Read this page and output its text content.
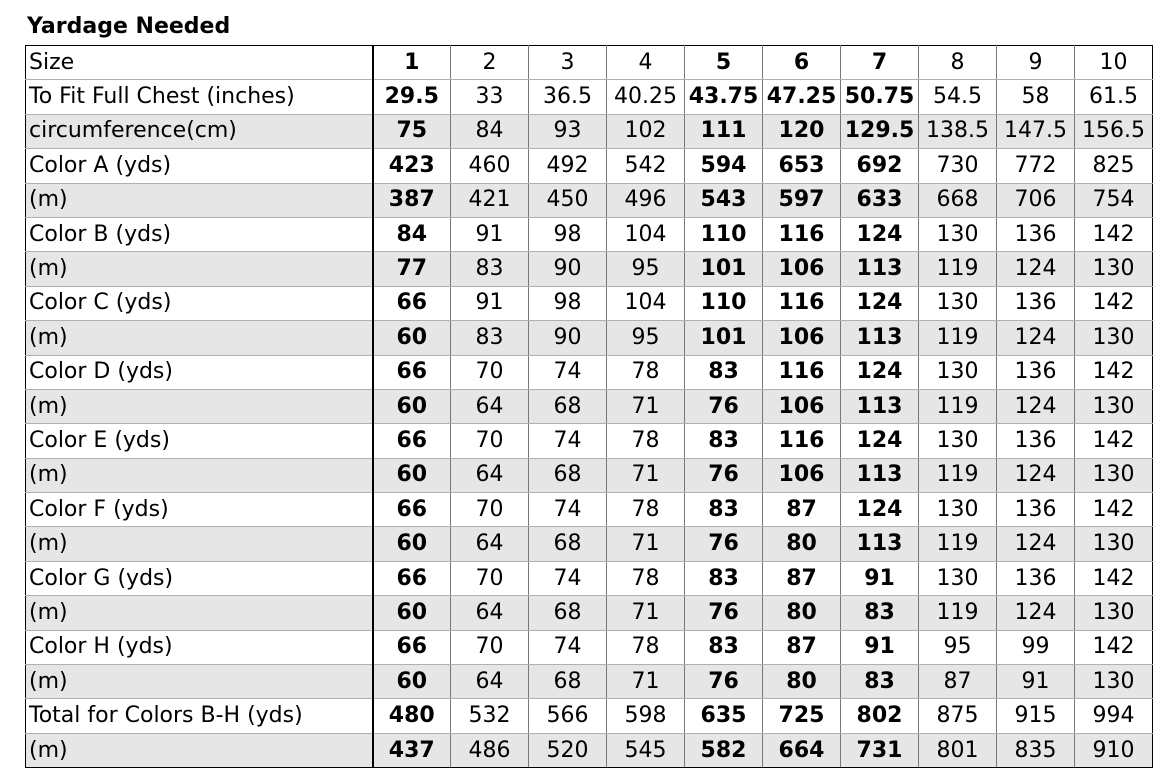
Yardage Needed
Size	1	2	3	4	5	6	7	8	9	10
To Fit Full Chest (inches)	29.5	33	36.5	40.25	43.75	47.25	50.75	54.5	58	61.5
circumference(cm)	75	84	93	102	111	120	129.5	138.5	147.5	156.5
Color A (yds)	423	460	492	542	594	653	692	730	772	825
(m)	387	421	450	496	543	597	633	668	706	754
Color B (yds)	84	91	98	104	110	116	124	130	136	142
(m)	77	83	90	95	101	106	113	119	124	130
Color C (yds)	66	91	98	104	110	116	124	130	136	142
(m)	60	83	90	95	101	106	113	119	124	130
Color D (yds)	66	70	74	78	83	116	124	130	136	142
(m)	60	64	68	71	76	106	113	119	124	130
Color E (yds)	66	70	74	78	83	116	124	130	136	142
(m)	60	64	68	71	76	106	113	119	124	130
Color F (yds)	66	70	74	78	83	87	124	130	136	142
(m)	60	64	68	71	76	80	113	119	124	130
Color G (yds)	66	70	74	78	83	87	91	130	136	142
(m)	60	64	68	71	76	80	83	119	124	130
Color H (yds)	66	70	74	78	83	87	91	95	99	142
(m)	60	64	68	71	76	80	83	87	91	130
Total for Colors B-H (yds)	480	532	566	598	635	725	802	875	915	994
(m)	437	486	520	545	582	664	731	801	835	910
